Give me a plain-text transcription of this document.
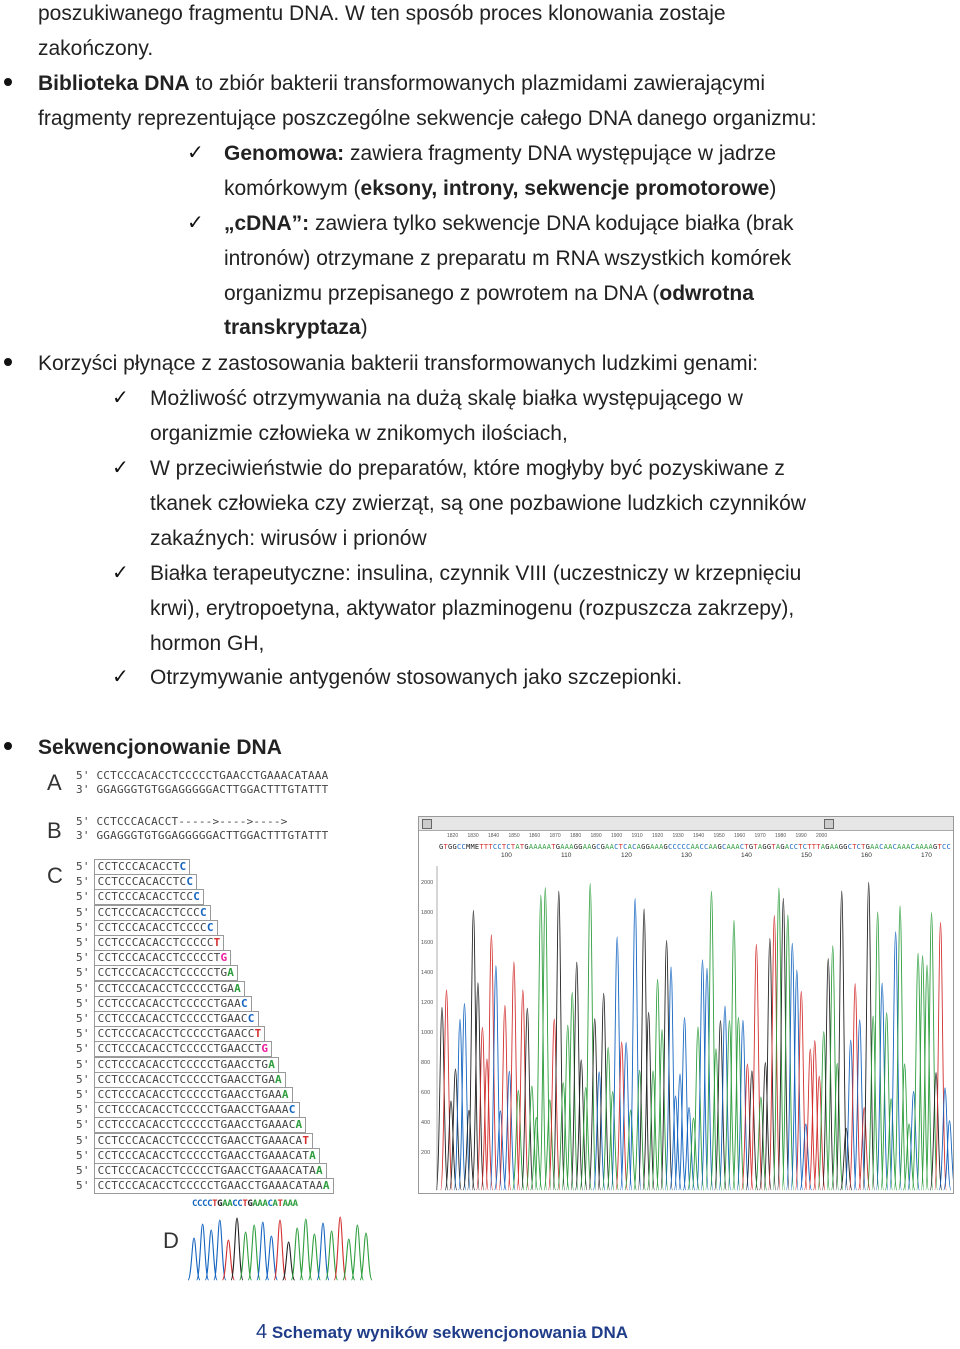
poszukiwanego fragmentu DNA. W ten sposób proces klonowania zostaje
zakończony.
Biblioteka DNA to zbiór bakterii transformowanych plazmidami zawierającymi
fragmenty reprezentujące poszczególne sekwencje całego DNA danego organizmu:
✓ Genomowa: zawiera fragmenty DNA występujące w jadrze
komórkowym (eksony, introny, sekwencje promotorowe)
✓ „cDNA”: zawiera tylko sekwencje DNA kodujące białka (brak
intronów) otrzymane z preparatu m RNA wszystkich komórek
organizmu przepisanego z powrotem na DNA (odwrotna
transkryptaza)
Korzyści płynące z zastosowania bakterii transformowanych ludzkimi genami:
✓ Możliwość otrzymywania na dużą skalę białka występującego w
organizmie człowieka w znikomych ilościach,
✓ W przeciwieństwie do preparatów, które mogłyby być pozyskiwane z
tkanek człowieka czy zwierząt, są one pozbawione ludzkich czynników
zakaźnych: wirusów i prionów
✓ Białka terapeutyczne: insulina, czynnik VIII (uczestniczy w krzepnięciu
krwi), erytropoetyna, aktywator plazminogenu (rozpuszcza zakrzepy),
hormon GH,
✓ Otrzymywanie antygenów stosowanych jako szczepionki.
Sekwencjonowanie DNA
A 5' CCTCCCACACCTCCCCCTGAACCTGAAACATAAA
3' GGAGGGTGTGGAGGGGGACTTGGACTTTGTATTT
B 5' CCTCCCACACCT----->---->---->
3' GGAGGGTGTGGAGGGGGACTTGGACTTTGTATTT
C 5' CCTCCCACACCTC
5' CCTCCCACACCTCC
5' CCTCCCACACCTCCC
5' CCTCCCACACCTCCCC
5' CCTCCCACACCTCCCCC
5' CCTCCCACACCTCCCCCT
5' CCTCCCACACCTCCCCCTG
5' CCTCCCACACCTCCCCCTGA
5' CCTCCCACACCTCCCCCTGAA
5' CCTCCCACACCTCCCCCTGAAC
5' CCTCCCACACCTCCCCCTGAACC
5' CCTCCCACACCTCCCCCTGAACCT
5' CCTCCCACACCTCCCCCTGAACCTG
5' CCTCCCACACCTCCCCCTGAACCTGA
5' CCTCCCACACCTCCCCCTGAACCTGAA
5' CCTCCCACACCTCCCCCTGAACCTGAAA
5' CCTCCCACACCTCCCCCTGAACCTGAAAC
5' CCTCCCACACCTCCCCCTGAACCTGAAACA
5' CCTCCCACACCTCCCCCTGAACCTGAAACAT
5' CCTCCCACACCTCCCCCTGAACCTGAAACATA
5' CCTCCCACACCTCCCCCTGAACCTGAAACATAA
5' CCTCCCACACCTCCCCCTGAACCTGAAACATAAA
D
CCCCTGAACCTGAAACATAAA
1820 1830 1840 1850 1860 1870 1880 1890 1900 1910 1920 1930 1940 1950 1960 1970 1980 1990 2000
G T G G C C M M E T T T C C T C T A T G A A A A A T G A A A G G A A G C G A A C T C A C A G G A A A G C C C C C A A C C A A G C A A A C T G T A G G T A G A C C T C T T T A G A A G G C T C T G A A C A A C A A A C A A A A G T C C
100	110	120	130	140	150	160	170
2000
1800
1600
1400
1200
1000
800
600
400
200
4 Schematy wyników sekwencjonowania DNA
